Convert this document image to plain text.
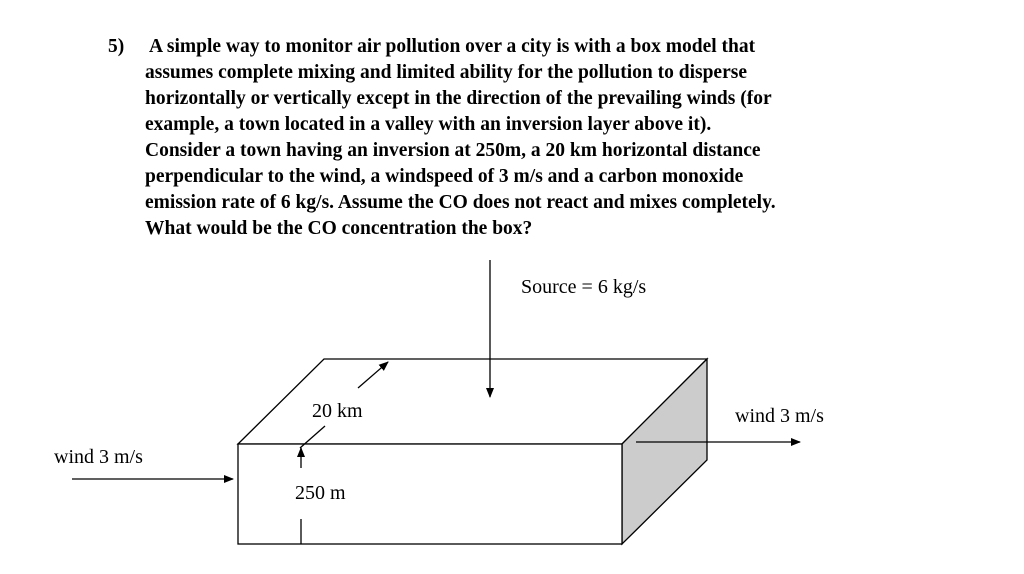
5) A simple way to monitor air pollution over a city is with a box model that
assumes complete mixing and limited ability for the pollution to disperse
horizontally or vertically except in the direction of the prevailing winds (for
example, a town located in a valley with an inversion layer above it).
Consider a town having an inversion at 250m, a 20 km horizontal distance
perpendicular to the wind, a windspeed of 3 m/s and a carbon monoxide
emission rate of 6 kg/s. Assume the CO does not react and mixes completely.
What would be the CO concentration the box?
Source = 6 kg/s
20 km
250 m
wind 3 m/s
wind 3 m/s
